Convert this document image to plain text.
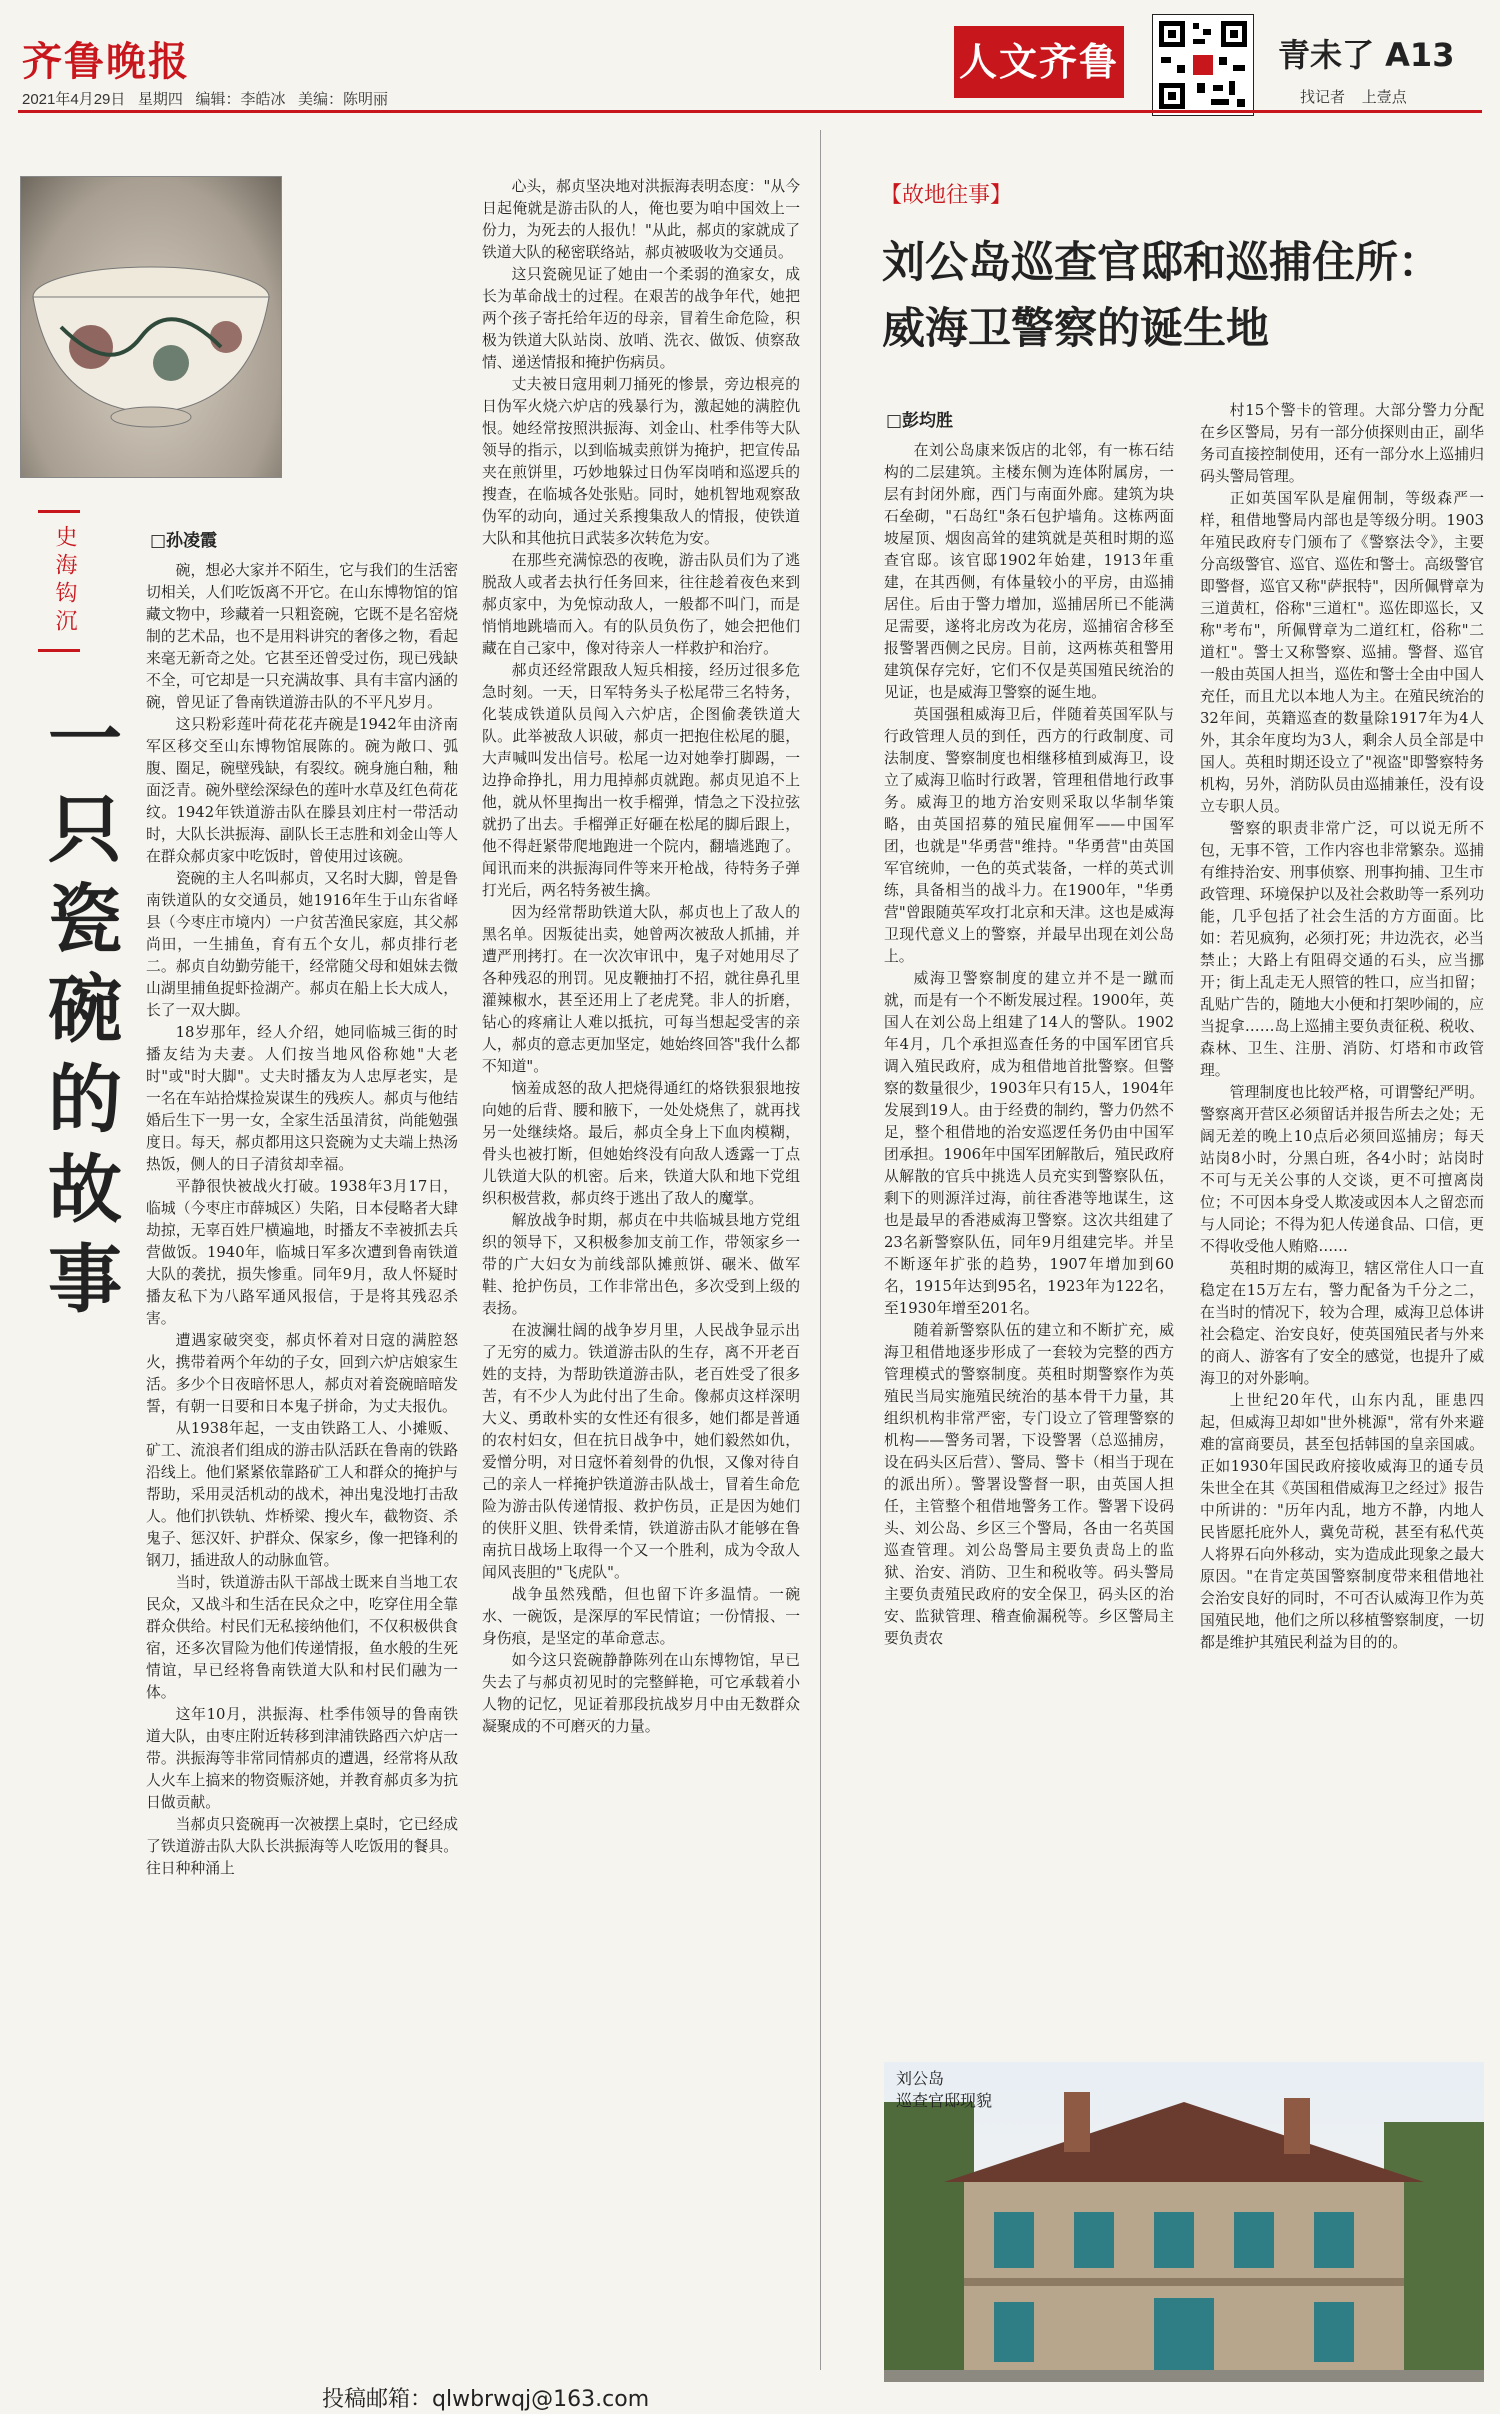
齐鲁晚报
2021年4月29日 星期四 编辑：李皓冰 美编：陈明丽
人文齐鲁	青未了 A13
找记者 上壹点
史海钩沉
一只瓷碗的故事
□孙凌霞

碗，想必大家并不陌生，它与我们的生活密切相关，人们吃饭离不开它。在山东博物馆的馆藏文物中，珍藏着一只粗瓷碗，它既不是名窑烧制的艺术品，也不是用料讲究的奢侈之物，看起来毫无新奇之处。它甚至还曾受过伤，现已残缺不全，可它却是一只充满故事、具有丰富内涵的碗，曾见证了鲁南铁道游击队的不平凡岁月。

这只粉彩莲叶荷花花卉碗是1942年由济南军区移交至山东博物馆展陈的。碗为敞口、弧腹、圈足，碗壁残缺，有裂纹。碗身施白釉，釉面泛青。碗外壁绘深绿色的莲叶水草及红色荷花纹。1942年铁道游击队在滕县刘庄村一带活动时，大队长洪振海、副队长王志胜和刘金山等人在群众郝贞家中吃饭时，曾使用过该碗。

瓷碗的主人名叫郝贞，又名时大脚，曾是鲁南铁道队的女交通员，她1916年生于山东省峄县（今枣庄市境内）一户贫苦渔民家庭，其父郝尚田，一生捕鱼，育有五个女儿，郝贞排行老二。郝贞自幼勤劳能干，经常随父母和姐妹去微山湖里捕鱼捉虾捡湖产。郝贞在船上长大成人，长了一双大脚。

18岁那年，经人介绍，她同临城三街的时播友结为夫妻。人们按当地风俗称她"大老时"或"时大脚"。丈夫时播友为人忠厚老实，是一名在车站拾煤捡炭谋生的残疾人。郝贞与他结婚后生下一男一女，全家生活虽清贫，尚能勉强度日。每天，郝贞都用这只瓷碗为丈夫端上热汤热饭，侧人的日子清贫却幸福。

平静很快被战火打破。1938年3月17日，临城（今枣庄市薛城区）失陷，日本侵略者大肆劫掠，无辜百姓尸横遍地，时播友不幸被抓去兵营做饭。1940年，临城日军多次遭到鲁南铁道大队的袭扰，损失惨重。同年9月，敌人怀疑时播友私下为八路军通风报信，于是将其残忍杀害。

遭遇家破突变，郝贞怀着对日寇的满腔怒火，携带着两个年幼的子女，回到六炉店娘家生活。多少个日夜暗怀思人，郝贞对着瓷碗暗暗发誓，有朝一日要和日本鬼子拼命，为丈夫报仇。

从1938年起，一支由铁路工人、小摊贩、矿工、流浪者们组成的游击队活跃在鲁南的铁路沿线上。他们紧紧依靠路矿工人和群众的掩护与帮助，采用灵活机动的战术，神出鬼没地打击敌人。他们扒铁轨、炸桥梁、搜火车，截物资、杀鬼子、惩汉奸、护群众、保家乡，像一把锋利的钢刀，插进敌人的动脉血管。

当时，铁道游击队干部战士既来自当地工农民众，又战斗和生活在民众之中，吃穿住用全靠群众供给。村民们无私接纳他们，不仅积极供食宿，还多次冒险为他们传递情报，鱼水般的生死情谊，早已经将鲁南铁道大队和村民们融为一体。

这年10月，洪振海、杜季伟领导的鲁南铁道大队，由枣庄附近转移到津浦铁路西六炉店一带。洪振海等非常同情郝贞的遭遇，经常将从敌人火车上搞来的物资赈济她，并教育郝贞多为抗日做贡献。

当郝贞只瓷碗再一次被摆上桌时，它已经成了铁道游击队大队长洪振海等人吃饭用的餐具。往日种种涌上

心头，郝贞坚决地对洪振海表明态度："从今日起俺就是游击队的人，俺也要为咱中国效上一份力，为死去的人报仇！"从此，郝贞的家就成了铁道大队的秘密联络站，郝贞被吸收为交通员。

这只瓷碗见证了她由一个柔弱的渔家女，成长为革命战士的过程。在艰苦的战争年代，她把两个孩子寄托给年迈的母亲，冒着生命危险，积极为铁道大队站岗、放哨、洗衣、做饭、侦察敌情、递送情报和掩护伤病员。

丈夫被日寇用刺刀捅死的惨景，旁边根亮的日伪军火烧六炉店的残暴行为，激起她的满腔仇恨。她经常按照洪振海、刘金山、杜季伟等大队领导的指示，以到临城卖煎饼为掩护，把宣传品夹在煎饼里，巧妙地躲过日伪军岗哨和巡逻兵的搜查，在临城各处张贴。同时，她机智地观察敌伪军的动向，通过关系搜集敌人的情报，使铁道大队和其他抗日武装多次转危为安。

在那些充满惊恐的夜晚，游击队员们为了逃脱敌人或者去执行任务回来，往往趁着夜色来到郝贞家中，为免惊动敌人，一般都不叫门，而是悄悄地跳墙而入。有的队员负伤了，她会把他们藏在自己家中，像对待亲人一样救护和治疗。

郝贞还经常跟敌人短兵相接，经历过很多危急时刻。一天，日军特务头子松尾带三名特务，化装成铁道队员闯入六炉店，企图偷袭铁道大队。此举被敌人识破，郝贞一把抱住松尾的腿，大声喊叫发出信号。松尾一边对她拳打脚踢，一边挣命挣扎，用力甩掉郝贞就跑。郝贞见追不上他，就从怀里掏出一枚手榴弹，情急之下没拉弦就扔了出去。手榴弹正好砸在松尾的脚后跟上，他不得赶紧带爬地跑进一个院内，翻墙逃跑了。闻讯而来的洪振海同件等来开枪战，待特务子弹打光后，两名特务被生擒。

因为经常帮助铁道大队，郝贞也上了敌人的黑名单。因叛徒出卖，她曾两次被敌人抓捕，并遭严刑拷打。在一次次审讯中，鬼子对她用尽了各种残忍的刑罚。见皮鞭抽打不招，就往鼻孔里灌辣椒水，甚至还用上了老虎凳。非人的折磨，钻心的疼痛让人难以抵抗，可每当想起受害的亲人，郝贞的意志更加坚定，她始终回答"我什么都不知道"。

恼羞成怒的敌人把烧得通红的烙铁狠狠地按向她的后背、腰和腋下，一处处烧焦了，就再找另一处继续烙。最后，郝贞全身上下血肉模糊，骨头也被打断，但她始终没有向敌人透露一丁点儿铁道大队的机密。后来，铁道大队和地下党组织积极营救，郝贞终于逃出了敌人的魔掌。

解放战争时期，郝贞在中共临城县地方党组织的领导下，又积极参加支前工作，带领家乡一带的广大妇女为前线部队摊煎饼、碾米、做军鞋、抢护伤员，工作非常出色，多次受到上级的表扬。

在波澜壮阔的战争岁月里，人民战争显示出了无穷的威力。铁道游击队的生存，离不开老百姓的支持，为帮助铁道游击队，老百姓受了很多苦，有不少人为此付出了生命。像郝贞这样深明大义、勇敢朴实的女性还有很多，她们都是普通的农村妇女，但在抗日战争中，她们毅然如仇，爱憎分明，对日寇怀着刻骨的仇恨，又像对待自己的亲人一样掩护铁道游击队战士，冒着生命危险为游击队传递情报、救护伤员，正是因为她们的侠肝义胆、铁骨柔情，铁道游击队才能够在鲁南抗日战场上取得一个又一个胜利，成为令敌人闻风丧胆的"飞虎队"。

战争虽然残酷，但也留下许多温情。一碗水、一碗饭，是深厚的军民情谊；一份情报、一身伤痕，是坚定的革命意志。

如今这只瓷碗静静陈列在山东博物馆，早已失去了与郝贞初见时的完整鲜艳，可它承载着小人物的记忆，见证着那段抗战岁月中由无数群众凝聚成的不可磨灭的力量。

【故地往事】
刘公岛巡查官邸和巡捕住所：
威海卫警察的诞生地
□彭均胜

在刘公岛康来饭店的北邻，有一栋石结构的二层建筑。主楼东侧为连体附属房，一层有封闭外廊，西门与南面外廊。建筑为块石垒砌，"石岛红"条石包护墙角。这栋两面坡屋顶、烟囱高耸的建筑就是英租时期的巡查官邸。该官邸1902年始建，1913年重建，在其西侧，有体量较小的平房，由巡捕居住。后由于警力增加，巡捕居所已不能满足需要，遂将北房改为花房，巡捕宿舍移至报警署西侧之民房。目前，这两栋英租警用建筑保存完好，它们不仅是英国殖民统治的见证，也是威海卫警察的诞生地。

英国强租威海卫后，伴随着英国军队与行政管理人员的到任，西方的行政制度、司法制度、警察制度也相继移植到威海卫，设立了威海卫临时行政署，管理租借地行政事务。威海卫的地方治安则采取以华制华策略，由英国招募的殖民雇佣军——中国军团，也就是"华勇营"维持。"华勇营"由英国军官统帅，一色的英式装备，一样的英式训练，具备相当的战斗力。在1900年，"华勇营"曾跟随英军攻打北京和天津。这也是威海卫现代意义上的警察，并最早出现在刘公岛上。

威海卫警察制度的建立并不是一蹴而就，而是有一个不断发展过程。1900年，英国人在刘公岛上组建了14人的警队。1902年4月，几个承担巡查任务的中国军团官兵调入殖民政府，成为租借地首批警察。但警察的数量很少，1903年只有15人，1904年发展到19人。由于经费的制约，警力仍然不足，整个租借地的治安巡逻任务仍由中国军团承担。1906年中国军团解散后，殖民政府从解散的官兵中挑选人员充实到警察队伍，剩下的则源洋过海，前往香港等地谋生，这也是最早的香港威海卫警察。这次共组建了23名新警察队伍，同年9月组建完毕。并呈不断逐年扩张的趋势，1907年增加到60名，1915年达到95名，1923年为122名，至1930年增至201名。

随着新警察队伍的建立和不断扩充，威海卫租借地逐步形成了一套较为完整的西方管理模式的警察制度。英租时期警察作为英殖民当局实施殖民统治的基本骨干力量，其组织机构非常严密，专门设立了管理警察的机构——警务司署，下设警署（总巡捕房，设在码头区后营）、警局、警卡（相当于现在的派出所）。警署设警督一职，由英国人担任，主管整个租借地警务工作。警署下设码头、刘公岛、乡区三个警局，各由一名英国巡查管理。刘公岛警局主要负责岛上的监狱、治安、消防、卫生和税收等。码头警局主要负责殖民政府的安全保卫，码头区的治安、监狱管理、稽查偷漏税等。乡区警局主要负责农

村15个警卡的管理。大部分警力分配在乡区警局，另有一部分侦探则由正，副华务司直接控制使用，还有一部分水上巡捕归码头警局管理。

正如英国军队是雇佣制，等级森严一样，租借地警局内部也是等级分明。1903年殖民政府专门颁布了《警察法令》，主要分高级警官、巡官、巡佐和警士。高级警官即警督，巡官又称"萨抿特"，因所佩臂章为三道黄杠，俗称"三道杠"。巡佐即巡长，又称"考布"，所佩臂章为二道红杠，俗称"二道杠"。警士又称警察、巡捕。警督、巡官一般由英国人担当，巡佐和警士全由中国人充任，而且尤以本地人为主。在殖民统治的32年间，英籍巡查的数量除1917年为4人外，其余年度均为3人，剩余人员全部是中国人。英租时期还设立了"视盗"即警察特务机构，另外，消防队员由巡捕兼任，没有设立专职人员。

警察的职责非常广泛，可以说无所不包，无事不管，工作内容也非常繁杂。巡捕有维持治安、刑事侦察、刑事拘捕、卫生市政管理、环境保护以及社会救助等一系列功能，几乎包括了社会生活的方方面面。比如：若见疯狗，必须打死；井边洗衣，必当禁止；大路上有阻碍交通的石头，应当挪开；街上乱走无人照管的牲口，应当扣留；乱贴广告的，随地大小便和打架吵闹的，应当捉拿……岛上巡捕主要负责征税、税收、森林、卫生、注册、消防、灯塔和市政管理。

管理制度也比较严格，可谓警纪严明。警察离开营区必须留话并报告所去之处；无阔无差的晚上10点后必须回巡捕房；每天站岗8小时，分黑白班，各4小时；站岗时不可与无关公事的人交谈，更不可擅离岗位；不可因本身受人欺凌或因本人之留恋而与人同论；不得为犯人传递食品、口信，更不得收受他人贿赂……

英租时期的威海卫，辖区常住人口一直稳定在15万左右，警力配备为千分之二，在当时的情况下，较为合理，威海卫总体讲社会稳定、治安良好，使英国殖民者与外来的商人、游客有了安全的感觉，也提升了威海卫的对外影响。

上世纪20年代，山东内乱，匪患四起，但威海卫却如"世外桃源"，常有外来避难的富商要员，甚至包括韩国的皇亲国戚。正如1930年国民政府接收威海卫的通专员朱世全在其《英国租借威海卫之经过》报告中所讲的："历年内乱，地方不静，内地人民皆愿托庇外人，冀免苛税，甚至有私代英人将界石向外移动，实为造成此现象之最大原因。"在肯定英国警察制度带来租借地社会治安良好的同时，不可否认威海卫作为英国殖民地，他们之所以移植警察制度，一切都是维护其殖民利益为目的的。

刘公岛
巡查官邸现貌
投稿邮箱：qlwbrwqj@163.com
